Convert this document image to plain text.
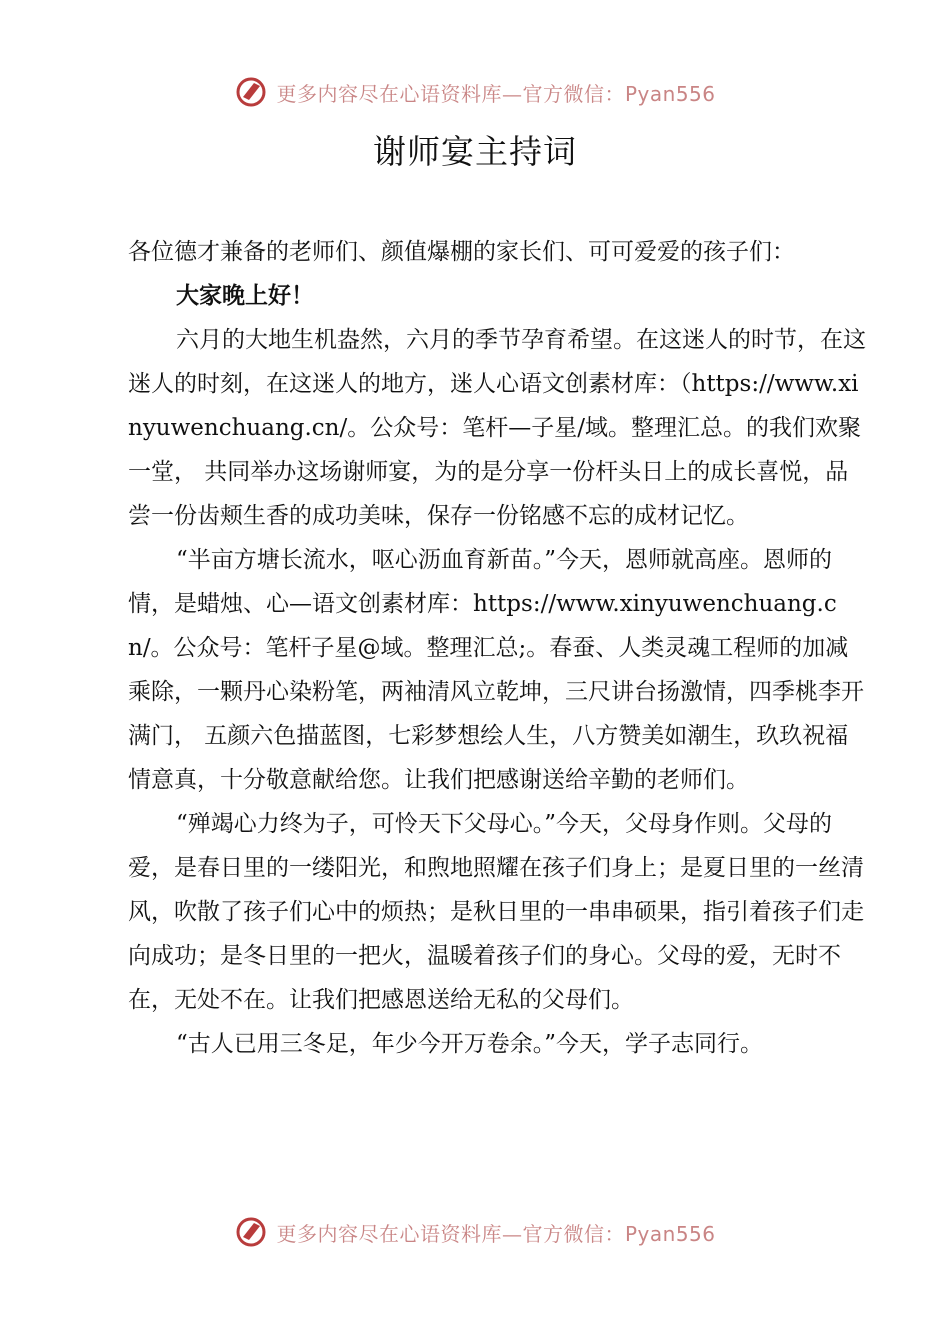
更多内容尽在心语资料库—官方微信：Pyan556
谢师宴主持词

各位德才兼备的老师们、颜值爆棚的家长们、可可爱爱的孩子们：

大家晚上好！

六月的大地生机盎然，六月的季节孕育希望。在这迷人的时节，在这迷人的时刻，在这迷人的地方，迷人心语文创素材库：（https://www.xinyuwenchuang.cn/。公众号：笔杆—子星/域。整理汇总。的我们欢聚一堂， 共同举办这场谢师宴，为的是分享一份杆头日上的成长喜悦，品尝一份齿颊生香的成功美味，保存一份铭感不忘的成材记忆。

“半亩方塘长流水，呕心沥血育新苗。”今天，恩师就高座。恩师的情，是蜡烛、心—语文创素材库：https://www.xinyuwenchuang.cn/。公众号：笔杆子星@域。整理汇总;。春蚕、人类灵魂工程师的加减乘除，一颗丹心染粉笔，两袖清风立乾坤，三尺讲台扬激情，四季桃李开满门， 五颜六色描蓝图，七彩梦想绘人生，八方赞美如潮生，玖玖祝福情意真，十分敬意献给您。让我们把感谢送给辛勤的老师们。

“殚竭心力终为子，可怜天下父母心。”今天，父母身作则。父母的爱，是春日里的一缕阳光，和煦地照耀在孩子们身上；是夏日里的一丝清风，吹散了孩子们心中的烦热；是秋日里的一串串硕果，指引着孩子们走向成功；是冬日里的一把火，温暖着孩子们的身心。父母的爱，无时不在，无处不在。让我们把感恩送给无私的父母们。

“古人已用三冬足，年少今开万卷余。”今天，学子志同行。

更多内容尽在心语资料库—官方微信：Pyan556
